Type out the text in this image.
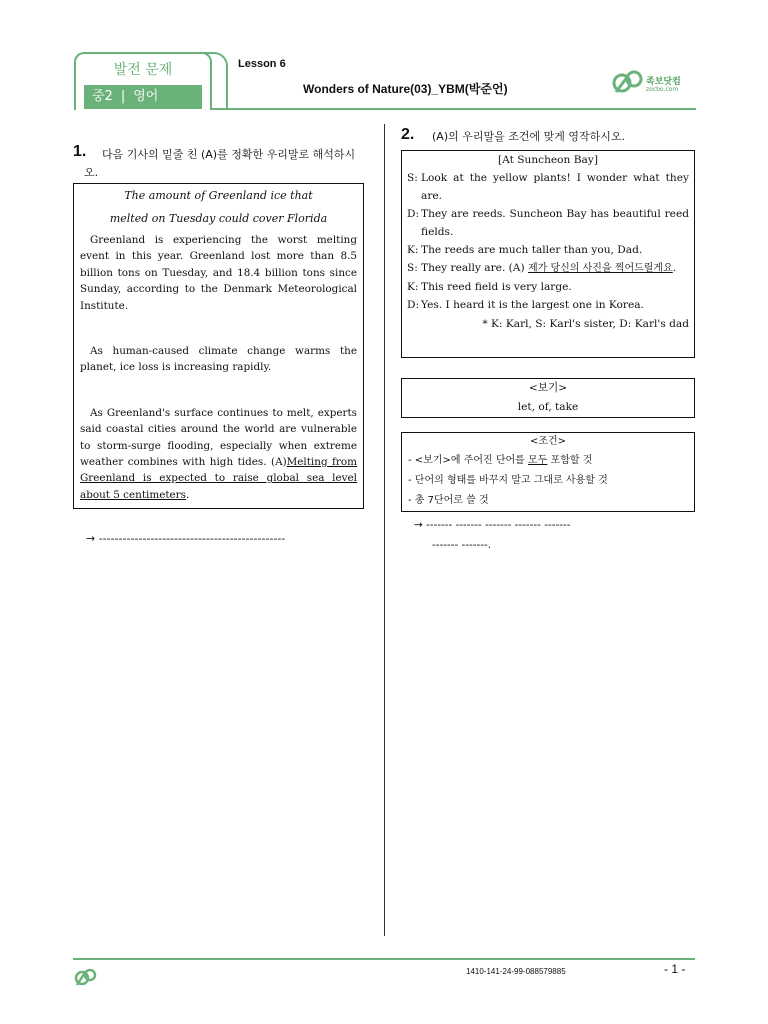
발전 문제
중2 | 영어
Lesson 6
Wonders of Nature(03)_YBM(박준언)	족보닷컴
zocbo.com
1.	다음 기사의 밑줄 친 (A)를 정확한 우리말로 해석하시오.
The amount of Greenland ice that
melted on Tuesday could cover Florida
Greenland is experiencing the worst melting event in this year. Greenland lost more than 8.5 billion tons on Tuesday, and 18.4 billion tons since Sunday, according to the Denmark Meteorological Institute.
As human-caused climate change warms the planet, ice loss is increasing rapidly.
As Greenland's surface continues to melt, experts said coastal cities around the world are vulnerable to storm-surge flooding, especially when extreme weather combines with high tides. (A)Melting from Greenland is expected to raise global sea level about 5 centimeters.
→ -----------------------------------------------
2. (A)의 우리말을 조건에 맞게 영작하시오.
[At Suncheon Bay]
S: Look at the yellow plants! I wonder what they are.
D: They are reeds. Suncheon Bay has beautiful reed fields.
K: The reeds are much taller than you, Dad.
S: They really are. (A) 제가 당신의 사진을 찍어드릴게요.
K: This reed field is very large.
D: Yes. I heard it is the largest one in Korea.
* K: Karl, S: Karl's sister, D: Karl's dad
<보기>
let, of, take
<조건>
- <보기>에 주어진 단어를 모두 포함할 것
- 단어의 형태를 바꾸지 말고 그대로 사용할 것
- 총 7단어로 쓸 것
→ ------- ------- ------- ------- -------
------- -------.
1410-141-24-99-088579885	- 1 -
